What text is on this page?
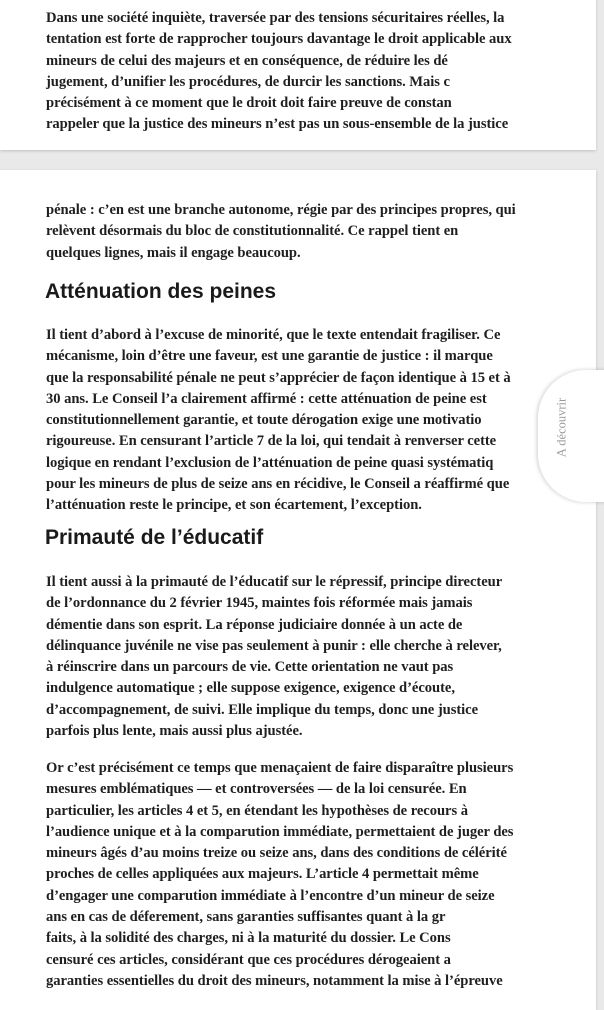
Dans une société inquiète, traversée par des tensions sécuritaires réelles, la
tentation est forte de rapprocher toujours davantage le droit applicable aux
mineurs de celui des majeurs et en conséquence, de réduire les dé
jugement, d’unifier les procédures, de durcir les sanctions. Mais c
précisément à ce moment que le droit doit faire preuve de constan
rappeler que la justice des mineurs n’est pas un sous-ensemble de la justice

pénale : c’en est une branche autonome, régie par des principes propres, qui
relèvent désormais du bloc de constitutionnalité. Ce rappel tient en
quelques lignes, mais il engage beaucoup.

Atténuation des peines

Il tient d’abord à l’excuse de minorité, que le texte entendait fragiliser. Ce
mécanisme, loin d’être une faveur, est une garantie de justice : il marque
que la responsabilité pénale ne peut s’apprécier de façon identique à 15 et à
30 ans. Le Conseil l’a clairement affirmé : cette atténuation de peine est
constitutionnellement garantie, et toute dérogation exige une motivatio
rigoureuse. En censurant l’article 7 de la loi, qui tendait à renverser cette
logique en rendant l’exclusion de l’atténuation de peine quasi systématiq
pour les mineurs de plus de seize ans en récidive, le Conseil a réaffirmé que
l’atténuation reste le principe, et son écartement, l’exception.

Primauté de l’éducatif

Il tient aussi à la primauté de l’éducatif sur le répressif, principe directeur
de l’ordonnance du 2 février 1945, maintes fois réformée mais jamais
démentie dans son esprit. La réponse judiciaire donnée à un acte de
délinquance juvénile ne vise pas seulement à punir : elle cherche à relever,
à réinscrire dans un parcours de vie. Cette orientation ne vaut pas
indulgence automatique ; elle suppose exigence, exigence d’écoute,
d’accompagnement, de suivi. Elle implique du temps, donc une justice
parfois plus lente, mais aussi plus ajustée.

Or c’est précisément ce temps que menaçaient de faire disparaître plusieurs
mesures emblématiques — et controversées — de la loi censurée. En
particulier, les articles 4 et 5, en étendant les hypothèses de recours à
l’audience unique et à la comparution immédiate, permettaient de juger des
mineurs âgés d’au moins treize ou seize ans, dans des conditions de célérité
proches de celles appliquées aux majeurs. L’article 4 permettait même
d’engager une comparution immédiate à l’encontre d’un mineur de seize
ans en cas de déferement, sans garanties suffisantes quant à la gr
faits, à la solidité des charges, ni à la maturité du dossier. Le Cons
censuré ces articles, considérant que ces procédures dérogeaient a
garanties essentielles du droit des mineurs, notamment la mise à l’épreuve

A découvrir
